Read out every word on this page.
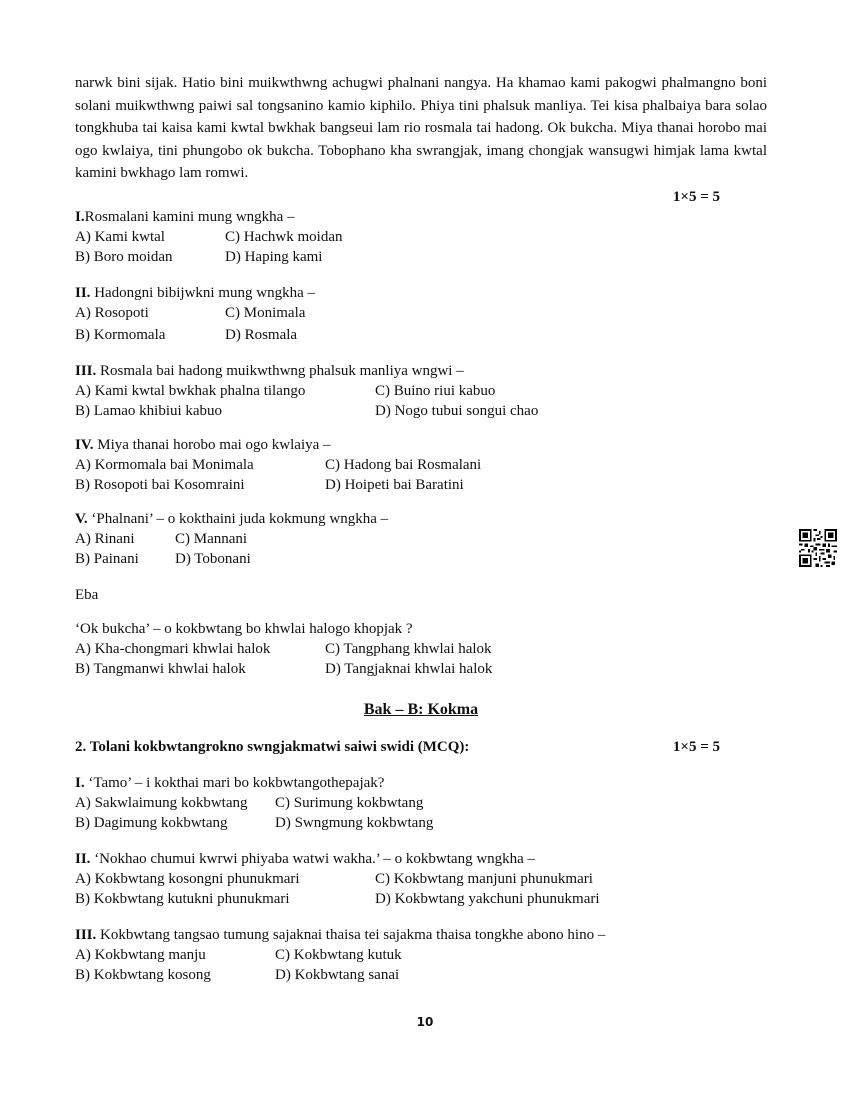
narwk bini sijak. Hatio bini muikwthwng achugwi phalnani nangya. Ha khamao kami pakogwi phalmangno boni solani muikwthwng paiwi sal tongsanino kamio kiphilo. Phiya tini phalsuk manliya. Tei kisa phalbaiya bara solao tongkhuba tai kaisa kami kwtal bwkhak bangseui lam rio rosmala tai hadong. Ok bukcha. Miya thanai horobo mai ogo kwlaiya, tini phungobo ok bukcha. Tobophano kha swrangjak, imang chongjak wansugwi himjak lama kwtal kamini bwkhago lam romwi.

1×5 = 5
I.Rosmalani kamini mung wngkha –
A) Kami kwtal	C) Hachwk moidan
B) Boro moidan	D) Haping kami
II. Hadongni bibijwkni mung wngkha –
A) Rosopoti	C) Monimala
B) Kormomala	D) Rosmala
III. Rosmala bai hadong muikwthwng phalsuk manliya wngwi –
A) Kami kwtal bwkhak phalna tilango	C) Buino riui kabuo
B) Lamao khibiui kabuo	D) Nogo tubui songui chao
IV. Miya thanai horobo mai ogo kwlaiya –
A) Kormomala bai Monimala	C) Hadong bai Rosmalani
B) Rosopoti bai Kosomraini	D) Hoipeti bai Baratini
V. ‘Phalnani’ – o kokthaini juda kokmung wngkha –
A) Rinani	C) Mannani
B) Painani	D) Tobonani
Eba
‘Ok bukcha’ – o kokbwtang bo khwlai halogo khopjak ?
A) Kha-chongmari khwlai halok	C) Tangphang khwlai halok
B) Tangmanwi khwlai halok	D) Tangjaknai khwlai halok
Bak – B: Kokma
2. Tolani kokbwtangrokno swngjakmatwi saiwi swidi (MCQ):	1×5 = 5
I. ‘Tamo’ – i kokthai mari bo kokbwtangothepajak?
A) Sakwlaimung kokbwtang	C) Surimung kokbwtang
B) Dagimung kokbwtang	D) Swngmung kokbwtang
II. ‘Nokhao chumui kwrwi phiyaba watwi wakha.’ – o kokbwtang wngkha –
A) Kokbwtang kosongni phunukmari	C) Kokbwtang manjuni phunukmari
B) Kokbwtang kutukni phunukmari	D) Kokbwtang yakchuni phunukmari
III. Kokbwtang tangsao tumung sajaknai thaisa tei sajakma thaisa tongkhe abono hino –
A) Kokbwtang manju	C) Kokbwtang kutuk
B) Kokbwtang kosong	D) Kokbwtang sanai
10
